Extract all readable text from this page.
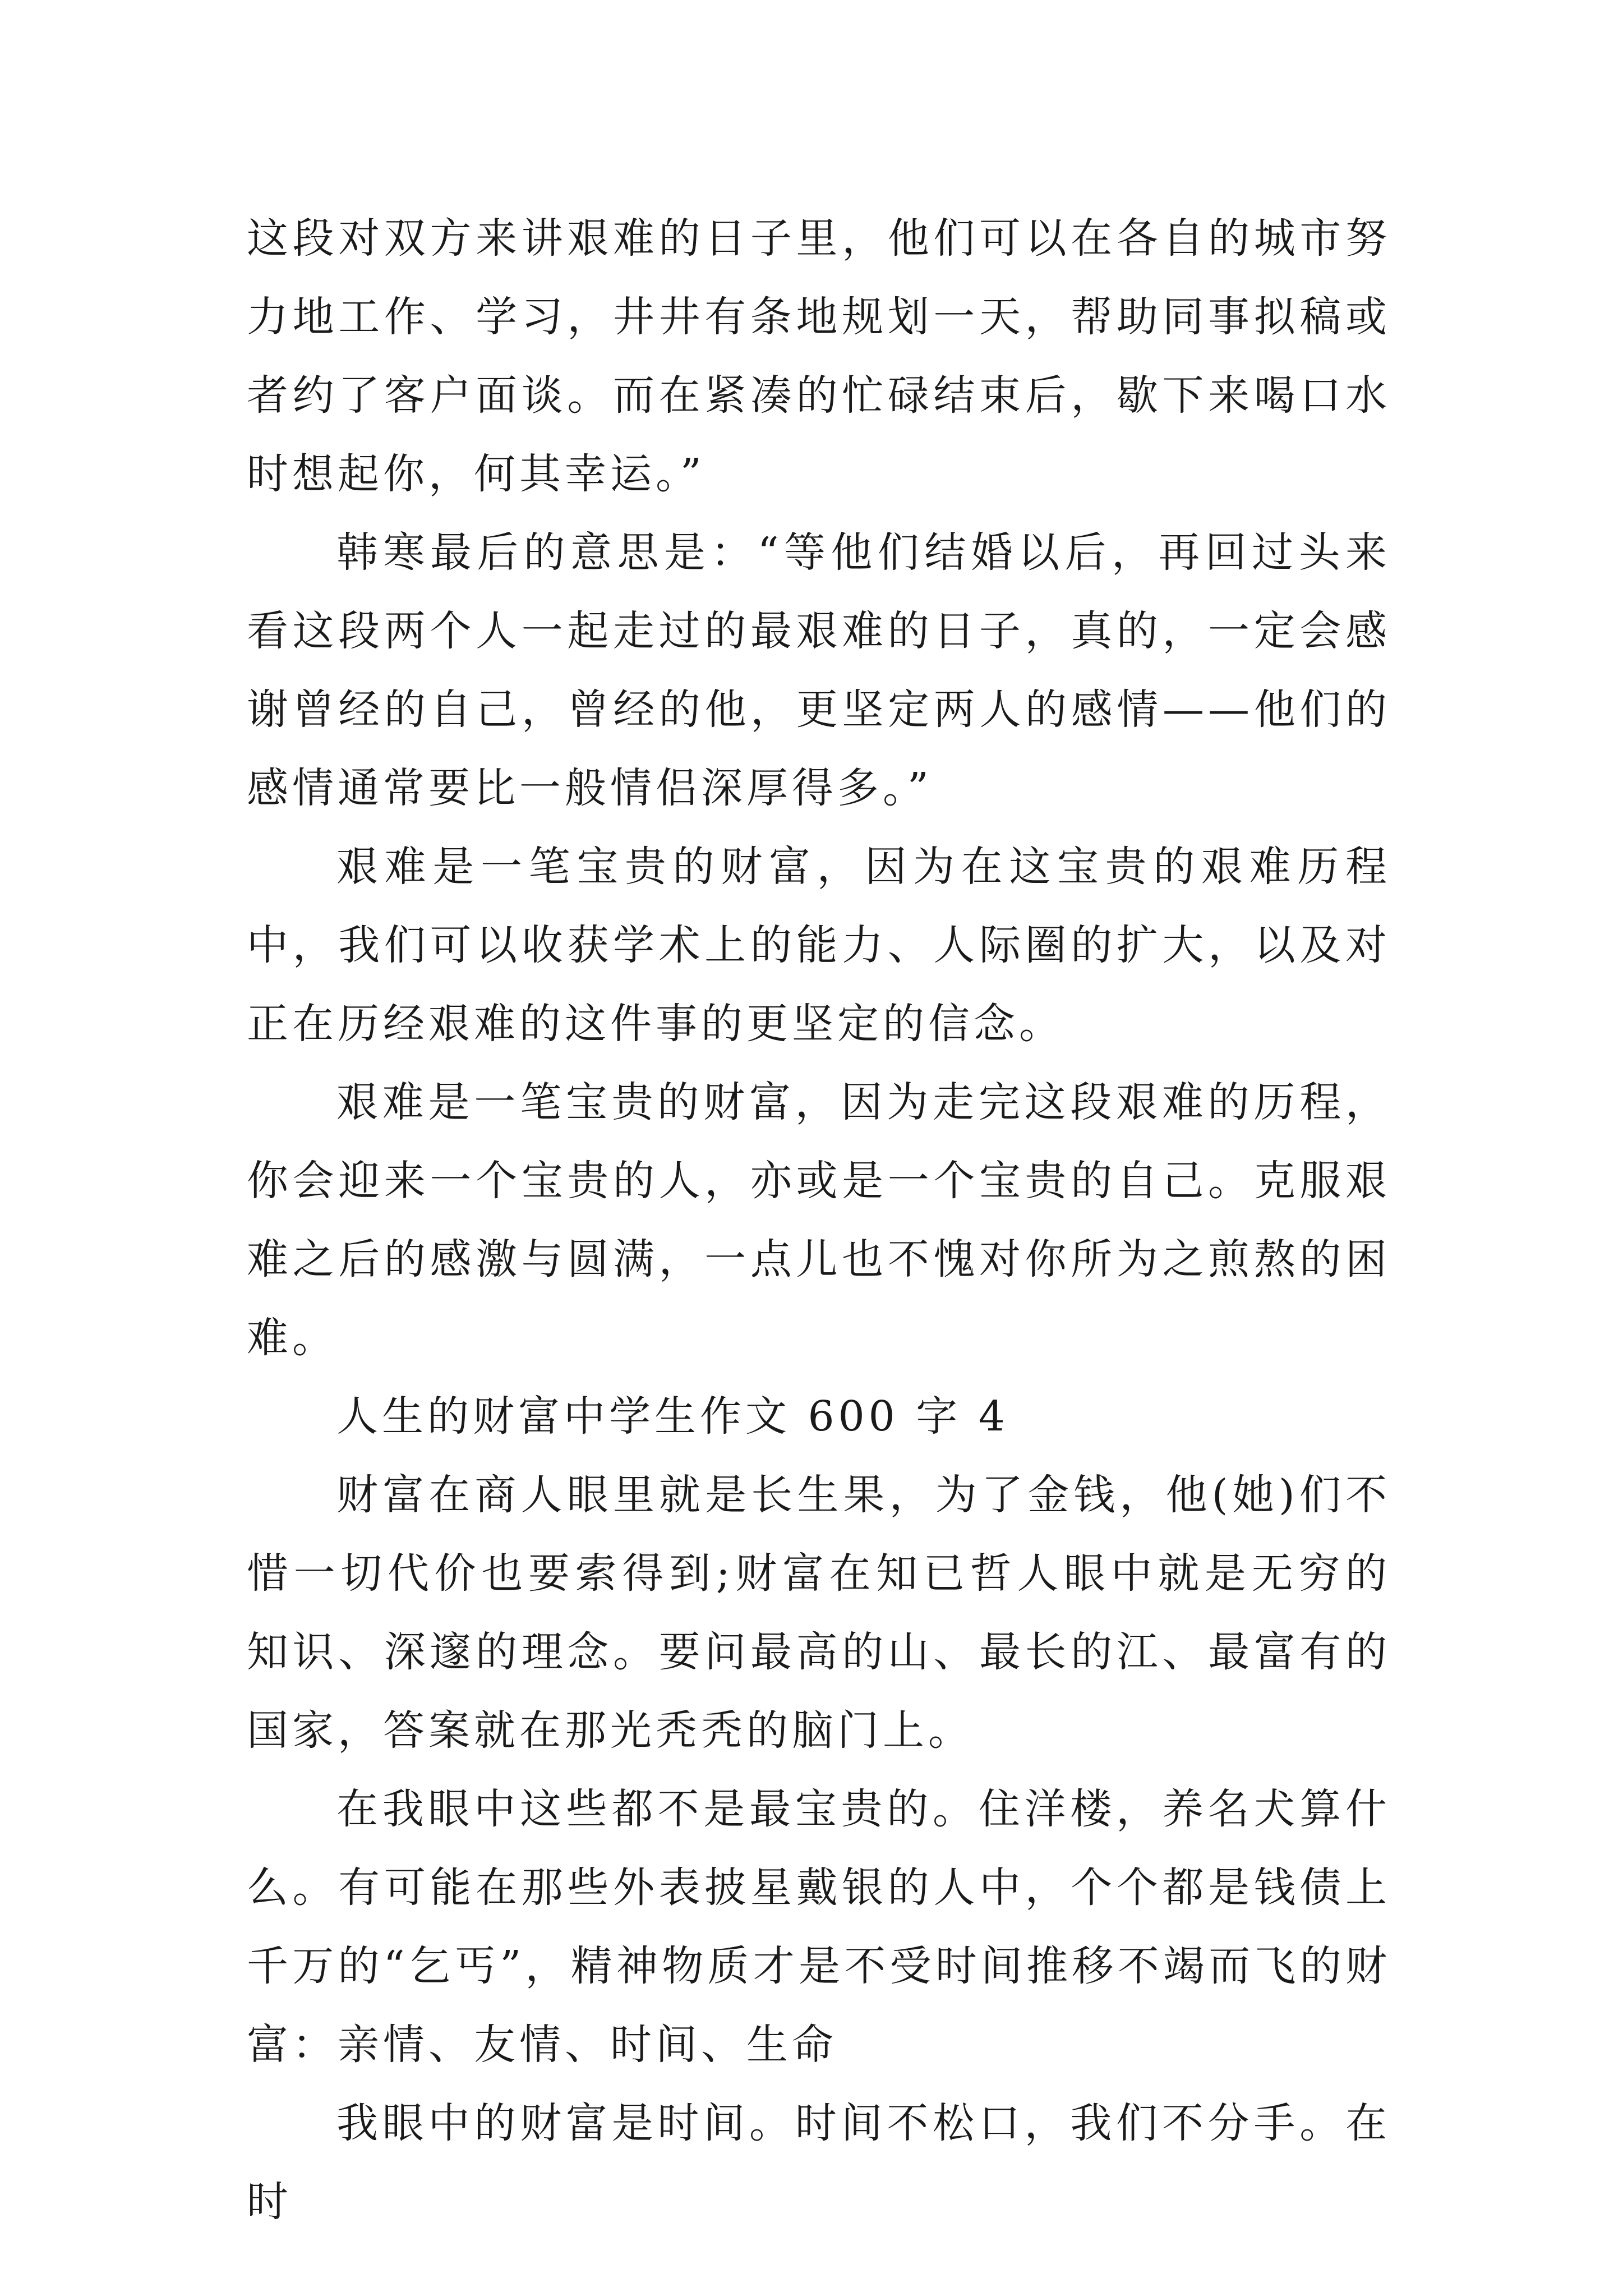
这段对双方来讲艰难的日子里，他们可以在各自的城市努力地工作、学习，井井有条地规划一天，帮助同事拟稿或者约了客户面谈。而在紧凑的忙碌结束后，歇下来喝口水时想起你，何其幸运。”

韩寒最后的意思是：“等他们结婚以后，再回过头来看这段两个人一起走过的最艰难的日子，真的，一定会感谢曾经的自己，曾经的他，更坚定两人的感情——他们的感情通常要比一般情侣深厚得多。”

艰难是一笔宝贵的财富，因为在这宝贵的艰难历程中，我们可以收获学术上的能力、人际圈的扩大，以及对正在历经艰难的这件事的更坚定的信念。

艰难是一笔宝贵的财富，因为走完这段艰难的历程，你会迎来一个宝贵的人，亦或是一个宝贵的自己。克服艰难之后的感激与圆满，一点儿也不愧对你所为之煎熬的困难。

人生的财富中学生作文 600 字 4

财富在商人眼里就是长生果，为了金钱，他(她)们不惜一切代价也要索得到;财富在知已哲人眼中就是无穷的知识、深邃的理念。要问最高的山、最长的江、最富有的国家，答案就在那光秃秃的脑门上。

在我眼中这些都不是最宝贵的。住洋楼，养名犬算什么。有可能在那些外表披星戴银的人中，个个都是钱债上千万的“乞丐”，精神物质才是不受时间推移不竭而飞的财富：亲情、友情、时间、生命

我眼中的财富是时间。时间不松口，我们不分手。在时
